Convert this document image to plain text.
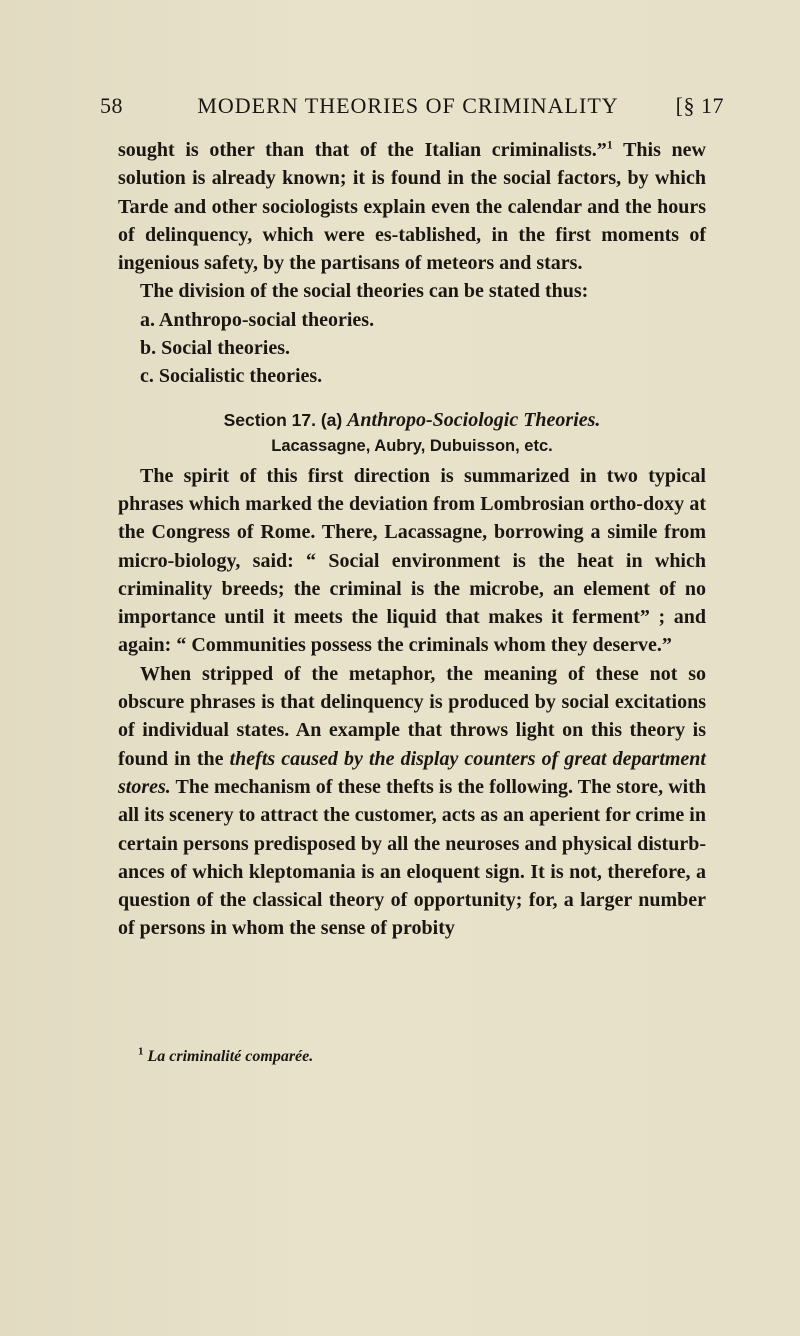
58	MODERN THEORIES OF CRIMINALITY	[§ 17

sought is other than that of the Italian criminalists.”$^1$ This new solution is already known; it is found in the social factors, by which Tarde and other sociologists explain even the calendar and the hours of delinquency, which were es-tablished, in the first moments of ingenious safety, by the partisans of meteors and stars.

The division of the social theories can be stated thus:

a. Anthropo-social theories.

b. Social theories.

c. Socialistic theories.

Section 17. (a) Anthropo-Sociologic Theories.

Lacassagne, Aubry, Dubuisson, etc.

The spirit of this first direction is summarized in two typical phrases which marked the deviation from Lombrosian ortho-doxy at the Congress of Rome. There, Lacassagne, borrowing a simile from micro-biology, said: “ Social environment is the heat in which criminality breeds; the criminal is the microbe, an element of no importance until it meets the liquid that makes it ferment” ; and again: “ Communities possess the criminals whom they deserve.”

When stripped of the metaphor, the meaning of these not so obscure phrases is that delinquency is produced by social excitations of individual states. An example that throws light on this theory is found in the thefts caused by the display counters of great department stores. The mechanism of these thefts is the following. The store, with all its scenery to attract the customer, acts as an aperient for crime in certain persons predisposed by all the neuroses and physical disturb-ances of which kleptomania is an eloquent sign. It is not, therefore, a question of the classical theory of opportunity; for, a larger number of persons in whom the sense of probity

$^1$ La criminalité comparée.
